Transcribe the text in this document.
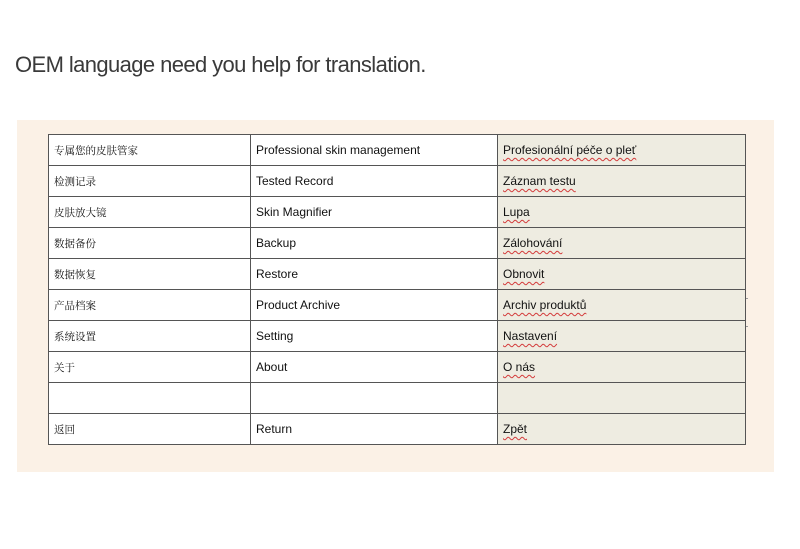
OEM language need you help for translation.
专属您的皮肤管家	Professional skin management	Profesionální péče o pleť
检测记录	Tested Record	Záznam testu
皮肤放大镜	Skin Magnifier	Lupa
数据备份	Backup	Zálohování
数据恢复	Restore	Obnovit
产品档案	Product Archive	Archiv produktů
系统设置	Setting	Nastavení
关于	About	O nás

返回	Return	Zpět
